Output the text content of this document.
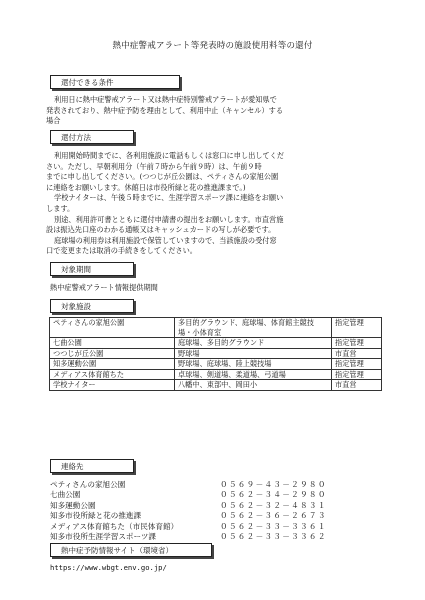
熱中症警戒アラート等発表時の施設使用料等の還付
還付できる条件

利用日に熱中症警戒アラート又は熱中症特別警戒アラートが愛知県で

発表されており、熱中症予防を理由として、利用中止（キャンセル）する

場合

還付方法

利用開始時間までに、各利用施設に電話もしくは窓口に申し出してくだ

さい。ただし、早朝利用分（午前７時から午前９時）は、午前９時

までに申し出してください。(つつじが丘公園は、ペティさんの家旭公園

に連絡をお願いします。休館日は市役所緑と花の推進課まで。)

学校ナイターは、午後５時までに、生涯学習スポーツ課に連絡をお願い

します。

別途、利用許可書とともに還付申請書の提出をお願いします。市直営施

設は振込先口座のわかる通帳又はキャッシュカードの写しが必要です。

庭球場の利用券は利用施設で保管していますので、当該施設の受付窓

口で変更または取消の手続きをしてください。

対象期間
熱中症警戒アラート情報提供期間
対象施設
ペティさんの家旭公園	多目的グラウンド、庭球場、体育館主競技場・小体育室	指定管理
七曲公園	庭球場、多目的グラウンド	指定管理
つつじが丘公園	野球場	市直営
知多運動公園	野球場、庭球場、陸上競技場	指定管理
メディアス体育館ちた	卓球場、剣道場、柔道場、弓道場	指定管理
学校ナイター	八幡中、東部中、岡田小	市直営
連絡先
ペティさんの家旭公園	０５６９－４３－２９８０
七曲公園	０５６２－３４－２９８０
知多運動公園	０５６２－３２－４８３１
知多市役所緑と花の推進課	０５６２－３６－２６７３
メディアス体育館ちた（市民体育館）	０５６２－３３－３３６１
知多市役所生涯学習スポーツ課	０５６２－３３－３３６２
熱中症予防情報サイト（環境省）
https://www.wbgt.env.go.jp/
